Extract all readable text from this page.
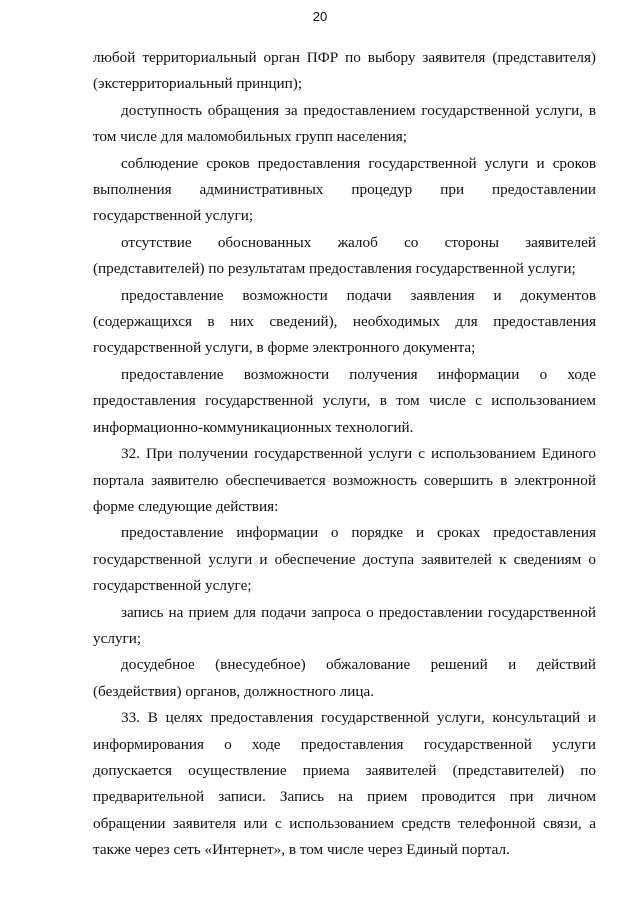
20

любой территориальный орган ПФР по выбору заявителя (представителя) (экстерриториальный принцип);

доступность обращения за предоставлением государственной услуги, в том числе для маломобильных групп населения;

соблюдение сроков предоставления государственной услуги и сроков выполнения административных процедур при предоставлении государственной услуги;

отсутствие обоснованных жалоб со стороны заявителей (представителей) по результатам предоставления государственной услуги;

предоставление возможности подачи заявления и документов (содержащихся в них сведений), необходимых для предоставления государственной услуги, в форме электронного документа;

предоставление возможности получения информации о ходе предоставления государственной услуги, в том числе с использованием информационно-коммуникационных технологий.

32. При получении государственной услуги с использованием Единого портала заявителю обеспечивается возможность совершить в электронной форме следующие действия:

предоставление информации о порядке и сроках предоставления государственной услуги и обеспечение доступа заявителей к сведениям о государственной услуге;

запись на прием для подачи запроса о предоставлении государственной услуги;

досудебное (внесудебное) обжалование решений и действий (бездействия) органов, должностного лица.

33. В целях предоставления государственной услуги, консультаций и информирования о ходе предоставления государственной услуги допускается осуществление приема заявителей (представителей) по предварительной записи. Запись на прием проводится при личном обращении заявителя или с использованием средств телефонной связи, а также через сеть «Интернет», в том числе через Единый портал.
